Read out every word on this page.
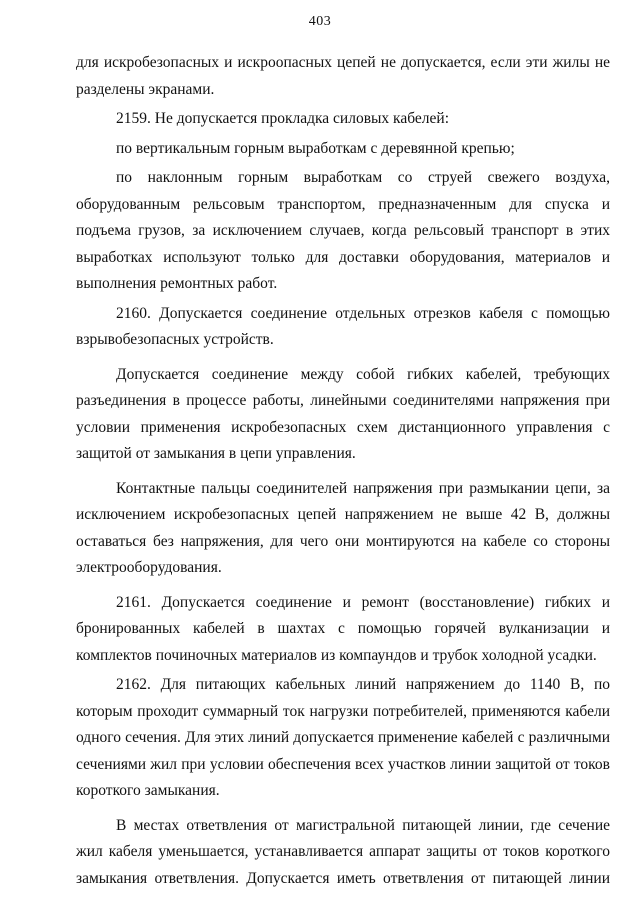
403

для искробезопасных и искроопасных цепей не допускается, если эти жилы не разделены экранами.

2159. Не допускается прокладка силовых кабелей:

по вертикальным горным выработкам с деревянной крепью;

по наклонным горным выработкам со струей свежего воздуха, оборудованным рельсовым транспортом, предназначенным для спуска и подъема грузов, за исключением случаев, когда рельсовый транспорт в этих выработках используют только для доставки оборудования, материалов и выполнения ремонтных работ.

2160. Допускается соединение отдельных отрезков кабеля с помощью взрывобезопасных устройств.

Допускается соединение между собой гибких кабелей, требующих разъединения в процессе работы, линейными соединителями напряжения при условии применения искробезопасных схем дистанционного управления с защитой от замыкания в цепи управления.

Контактные пальцы соединителей напряжения при размыкании цепи, за исключением искробезопасных цепей напряжением не выше 42 В, должны оставаться без напряжения, для чего они монтируются на кабеле со стороны электрооборудования.

2161. Допускается соединение и ремонт (восстановление) гибких и бронированных кабелей в шахтах с помощью горячей вулканизации и комплектов починочных материалов из компаундов и трубок холодной усадки.

2162. Для питающих кабельных линий напряжением до 1140 В, по которым проходит суммарный ток нагрузки потребителей, применяются кабели одного сечения. Для этих линий допускается применение кабелей с различными сечениями жил при условии обеспечения всех участков линии защитой от токов короткого замыкания.

В местах ответвления от магистральной питающей линии, где сечение жил кабеля уменьшается, устанавливается аппарат защиты от токов короткого замыкания ответвления. Допускается иметь ответвления от питающей линии
